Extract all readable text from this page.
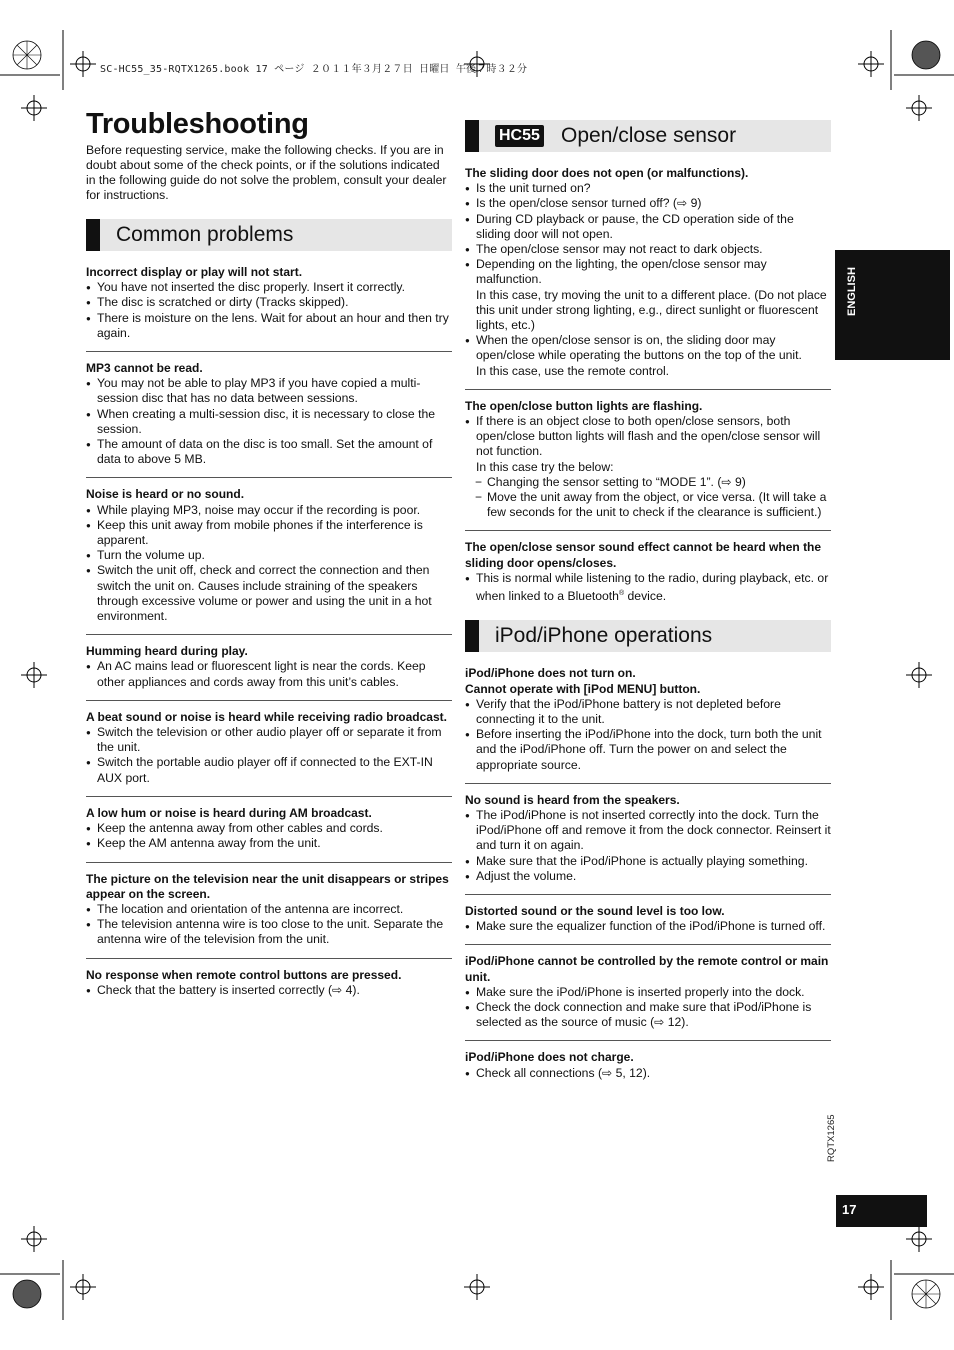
SC-HC55_35-RQTX1265.book 17 ページ ２０１１年３月２７日 日曜日 午後７時３２分
Troubleshooting
Before requesting service, make the following checks. If you are in doubt about some of the check points, or if the solutions indicated in the following guide do not solve the problem, consult your dealer for instructions.
Common problems
Incorrect display or play will not start.
● You have not inserted the disc properly. Insert it correctly.
● The disc is scratched or dirty (Tracks skipped).
● There is moisture on the lens. Wait for about an hour and then try again.
MP3 cannot be read.
● You may not be able to play MP3 if you have copied a multi-session disc that has no data between sessions.
● When creating a multi-session disc, it is necessary to close the session.
● The amount of data on the disc is too small. Set the amount of data to above 5 MB.
Noise is heard or no sound.
● While playing MP3, noise may occur if the recording is poor.
● Keep this unit away from mobile phones if the interference is apparent.
● Turn the volume up.
● Switch the unit off, check and correct the connection and then switch the unit on. Causes include straining of the speakers through excessive volume or power and using the unit in a hot environment.
Humming heard during play.
● An AC mains lead or fluorescent light is near the cords. Keep other appliances and cords away from this unit’s cables.
A beat sound or noise is heard while receiving radio broadcast.
● Switch the television or other audio player off or separate it from the unit.
● Switch the portable audio player off if connected to the EXT-IN AUX port.
A low hum or noise is heard during AM broadcast.
● Keep the antenna away from other cables and cords.
● Keep the AM antenna away from the unit.
The picture on the television near the unit disappears or stripes appear on the screen.
● The location and orientation of the antenna are incorrect.
● The television antenna wire is too close to the unit. Separate the antenna wire of the television from the unit.
No response when remote control buttons are pressed.
● Check that the battery is inserted correctly (⇨ 4).
HC55 Open/close sensor
The sliding door does not open (or malfunctions).
● Is the unit turned on?
● Is the open/close sensor turned off? (⇨ 9)
● During CD playback or pause, the CD operation side of the sliding door will not open.
● The open/close sensor may not react to dark objects.
● Depending on the lighting, the open/close sensor may malfunction.
In this case, try moving the unit to a different place. (Do not place this unit under strong lighting, e.g., direct sunlight or fluorescent lights, etc.)
● When the open/close sensor is on, the sliding door may open/close while operating the buttons on the top of the unit.
In this case, use the remote control.
The open/close button lights are flashing.
● If there is an object close to both open/close sensors, both open/close button lights will flash and the open/close sensor will not function.
In this case try the below:
− Changing the sensor setting to “MODE 1”. (⇨ 9)
− Move the unit away from the object, or vice versa. (It will take a few seconds for the unit to check if the clearance is sufficient.)
The open/close sensor sound effect cannot be heard when the sliding door opens/closes.
● This is normal while listening to the radio, during playback, etc. or when linked to a Bluetooth® device.
iPod/iPhone operations
iPod/iPhone does not turn on.
Cannot operate with [iPod MENU] button.
● Verify that the iPod/iPhone battery is not depleted before connecting it to the unit.
● Before inserting the iPod/iPhone into the dock, turn both the unit and the iPod/iPhone off. Turn the power on and select the appropriate source.
No sound is heard from the speakers.
● The iPod/iPhone is not inserted correctly into the dock. Turn the iPod/iPhone off and remove it from the dock connector. Reinsert it and turn it on again.
● Make sure that the iPod/iPhone is actually playing something.
● Adjust the volume.
Distorted sound or the sound level is too low.
● Make sure the equalizer function of the iPod/iPhone is turned off.
iPod/iPhone cannot be controlled by the remote control or main unit.
● Make sure the iPod/iPhone is inserted properly into the dock.
● Check the dock connection and make sure that iPod/iPhone is selected as the source of music (⇨ 12).
iPod/iPhone does not charge.
● Check all connections (⇨ 5, 12).
ENGLISH
RQTX1265
17
